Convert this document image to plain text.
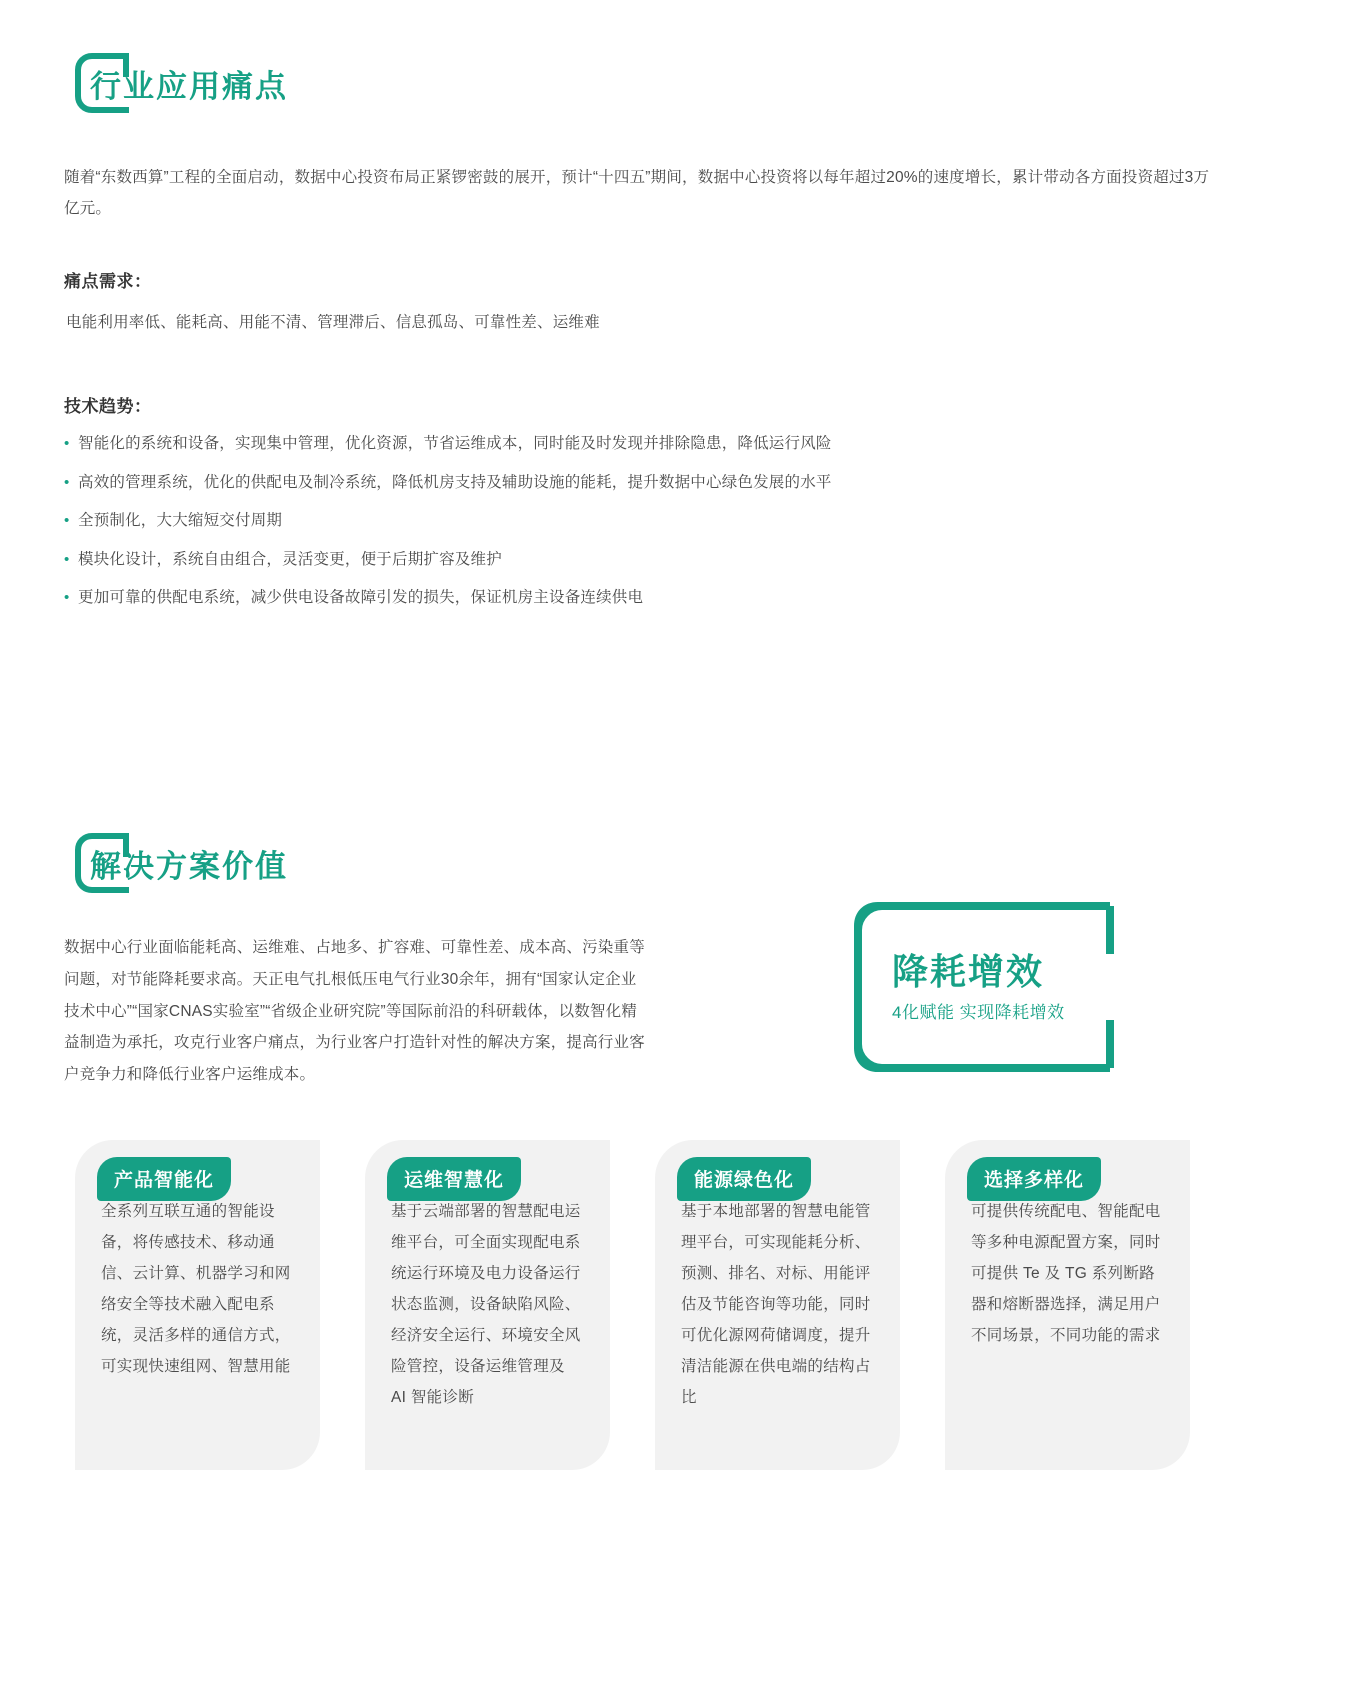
行业应用痛点
随着“东数西算”工程的全面启动，数据中心投资布局正紧锣密鼓的展开，预计“十四五”期间，数据中心投资将以每年超过20%的速度增长，累计带动各方面投资超过3万亿元。
痛点需求：
电能利用率低、能耗高、用能不清、管理滞后、信息孤岛、可靠性差、运维难
技术趋势：
• 智能化的系统和设备，实现集中管理，优化资源，节省运维成本，同时能及时发现并排除隐患，降低运行风险
• 高效的管理系统，优化的供配电及制冷系统，降低机房支持及辅助设施的能耗，提升数据中心绿色发展的水平
• 全预制化，大大缩短交付周期
• 模块化设计，系统自由组合，灵活变更，便于后期扩容及维护
• 更加可靠的供配电系统，减少供电设备故障引发的损失，保证机房主设备连续供电
解决方案价值
数据中心行业面临能耗高、运维难、占地多、扩容难、可靠性差、成本高、污染重等问题，对节能降耗要求高。天正电气扎根低压电气行业30余年，拥有“国家认定企业技术中心”“国家CNAS实验室”“省级企业研究院”等国际前沿的科研载体，以数智化精益制造为承托，攻克行业客户痛点，为行业客户打造针对性的解决方案，提高行业客户竞争力和降低行业客户运维成本。
降耗增效
4化赋能 实现降耗增效
产品智能化
全系列互联互通的智能设备，将传感技术、移动通信、云计算、机器学习和网络安全等技术融入配电系统，灵活多样的通信方式，可实现快速组网、智慧用能
运维智慧化
基于云端部署的智慧配电运维平台，可全面实现配电系统运行环境及电力设备运行状态监测，设备缺陷风险、经济安全运行、环境安全风险管控，设备运维管理及 AI 智能诊断
能源绿色化
基于本地部署的智慧电能管理平台，可实现能耗分析、预测、排名、对标、用能评估及节能咨询等功能，同时可优化源网荷储调度，提升清洁能源在供电端的结构占比
选择多样化
可提供传统配电、智能配电等多种电源配置方案，同时可提供 Te 及 TG 系列断路器和熔断器选择，满足用户不同场景，不同功能的需求
